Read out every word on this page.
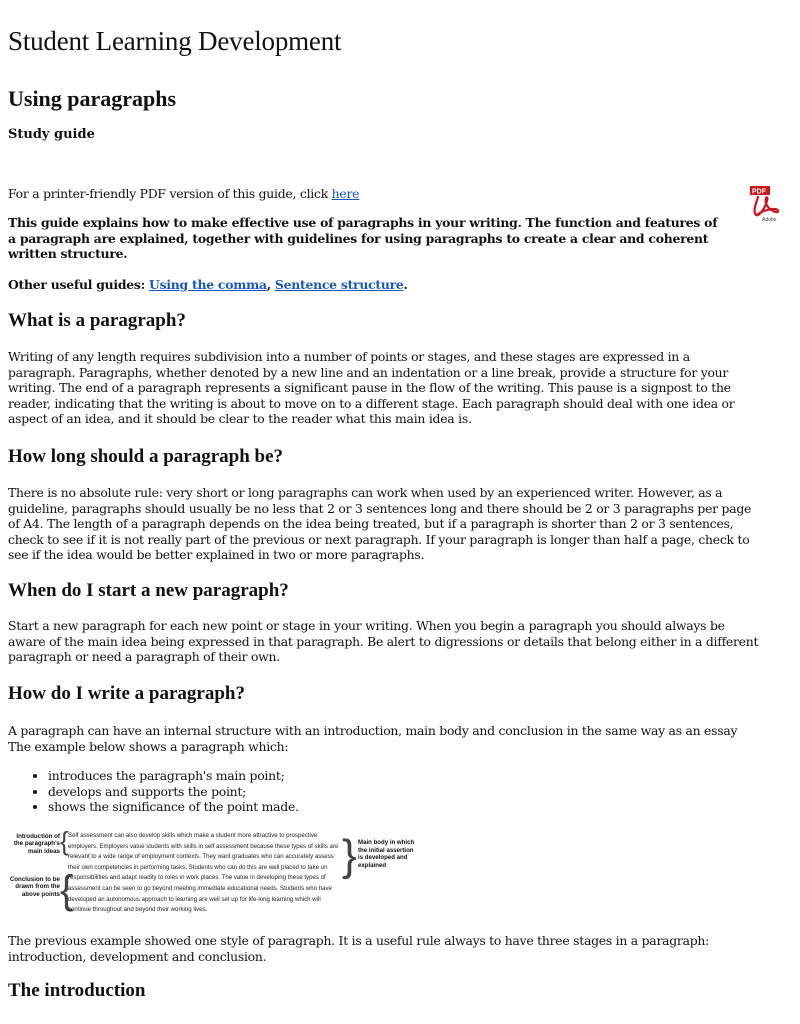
Student Learning Development
Using paragraphs

Study guide

For a printer-friendly PDF version of this guide, click here

This guide explains how to make effective use of paragraphs in your writing. The function and features of a paragraph are explained, together with guidelines for using paragraphs to create a clear and coherent written structure.

Other useful guides: Using the comma, Sentence structure.

What is a paragraph?

Writing of any length requires subdivision into a number of points or stages, and these stages are expressed in a paragraph. Paragraphs, whether denoted by a new line and an indentation or a line break, provide a structure for your writing. The end of a paragraph represents a significant pause in the flow of the writing. This pause is a signpost to the reader, indicating that the writing is about to move on to a different stage. Each paragraph should deal with one idea or aspect of an idea, and it should be clear to the reader what this main idea is.

How long should a paragraph be?

There is no absolute rule: very short or long paragraphs can work when used by an experienced writer. However, as a guideline, paragraphs should usually be no less that 2 or 3 sentences long and there should be 2 or 3 paragraphs per page of A4. The length of a paragraph depends on the idea being treated, but if a paragraph is shorter than 2 or 3 sentences, check to see if it is not really part of the previous or next paragraph. If your paragraph is longer than half a page, check to see if the idea would be better explained in two or more paragraphs.

When do I start a new paragraph?

Start a new paragraph for each new point or stage in your writing. When you begin a paragraph you should always be aware of the main idea being expressed in that paragraph. Be alert to digressions or details that belong either in a different paragraph or need a paragraph of their own.

How do I write a paragraph?

A paragraph can have an internal structure with an introduction, main body and conclusion in the same way as an essay The example below shows a paragraph which:

• introduces the paragraph's main point;
• develops and supports the point;
• shows the significance of the point made.
Introduction of the paragraph's main ideas {
Conclusion to be drawn from the above points {
Self assessment can also develop skills which make a student more attractive to prospective employers. Employers value students with skills in self assessment because these types of skills are relevant to a wide range of employment contexts. They want graduates who can accurately assess their own competencies in performing tasks. Students who can do this are well placed to take on responsibilities and adapt readily to roles in work places. The value in developing these types of assessment can be seen to go beyond meeting immediate educational needs. Students who have developed an autonomous approach to learning are well set up for life-long learning which will continue throughout and beyond their working lives.
} Main body in which the initial assertion is developed and explained

The previous example showed one style of paragraph. It is a useful rule always to have three stages in a paragraph: introduction, development and conclusion.

The introduction
PDF
Adobe
